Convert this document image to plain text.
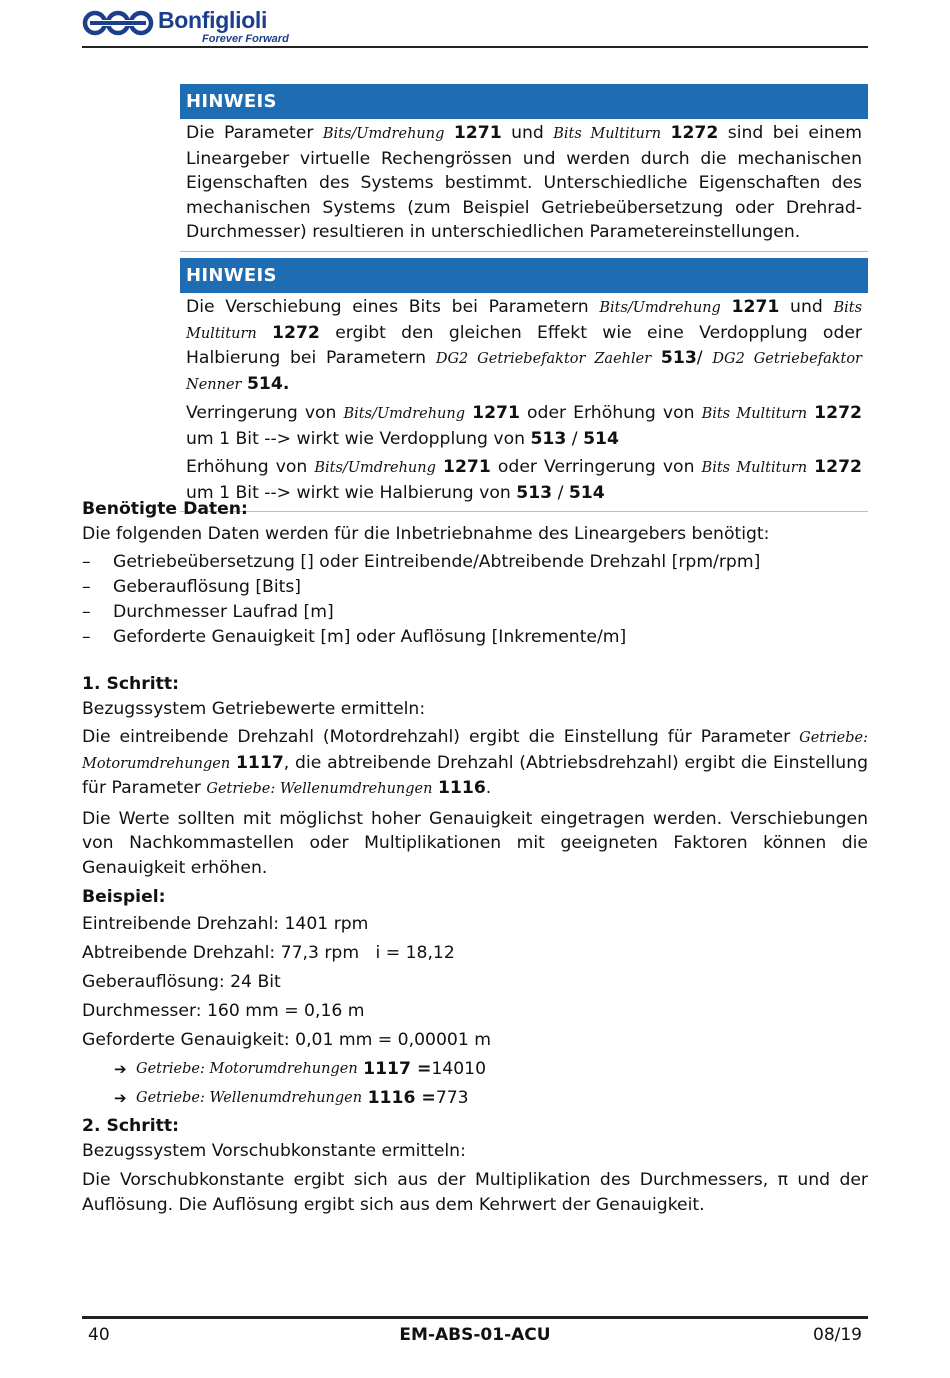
Bonfiglioli
Forever Forward
HINWEIS

Die Parameter Bits/Umdrehung 1271 und Bits Multiturn 1272 sind bei einem Lineargeber virtuelle Rechengrössen und werden durch die mechanischen Eigenschaften des Systems bestimmt. Unterschiedliche Eigenschaften des mechanischen Systems (zum Beispiel Getriebeübersetzung oder Drehrad-Durchmesser) resultieren in unterschiedlichen Parametereinstellungen.

HINWEIS

Die Verschiebung eines Bits bei Parametern Bits/Umdrehung 1271 und Bits Multiturn 1272 ergibt den gleichen Effekt wie eine Verdopplung oder Halbierung bei Parametern DG2 Getriebefaktor Zaehler 513/ DG2 Getriebefaktor Nenner 514.

Verringerung von Bits/Umdrehung 1271 oder Erhöhung von Bits Multiturn 1272 um 1 Bit --> wirkt wie Verdopplung von 513 / 514

Erhöhung von Bits/Umdrehung 1271 oder Verringerung von Bits Multiturn 1272 um 1 Bit --> wirkt wie Halbierung von 513 / 514

Benötigte Daten:

Die folgenden Daten werden für die Inbetriebnahme des Lineargebers benötigt:

– Getriebeübersetzung [] oder Eintreibende/Abtreibende Drehzahl [rpm/rpm]
– Geberauflösung [Bits]
– Durchmesser Laufrad [m]
– Geforderte Genauigkeit [m] oder Auflösung [Inkremente/m]

1. Schritt:

Bezugssystem Getriebewerte ermitteln:

Die eintreibende Drehzahl (Motordrehzahl) ergibt die Einstellung für Parameter Getriebe: Motorumdrehungen 1117, die abtreibende Drehzahl (Abtriebsdrehzahl) ergibt die Einstellung für Parameter Getriebe: Wellenumdrehungen 1116.

Die Werte sollten mit möglichst hoher Genauigkeit eingetragen werden. Verschiebungen von Nachkommastellen oder Multiplikationen mit geeigneten Faktoren können die Genauigkeit erhöhen.

Beispiel:

Eintreibende Drehzahl: 1401 rpm

Abtreibende Drehzahl: 77,3 rpm   i = 18,12

Geberauflösung: 24 Bit

Durchmesser: 160 mm = 0,16 m

Geforderte Genauigkeit: 0,01 mm = 0,00001 m

➔ Getriebe: Motorumdrehungen
1117 = 14010
➔ Getriebe: Wellenumdrehungen
1116 = 773

2. Schritt:

Bezugssystem Vorschubkonstante ermitteln:

Die Vorschubkonstante ergibt sich aus der Multiplikation des Durchmessers, π und der Auflösung. Die Auflösung ergibt sich aus dem Kehrwert der Genauigkeit.

40	EM-ABS-01-ACU	08/19
